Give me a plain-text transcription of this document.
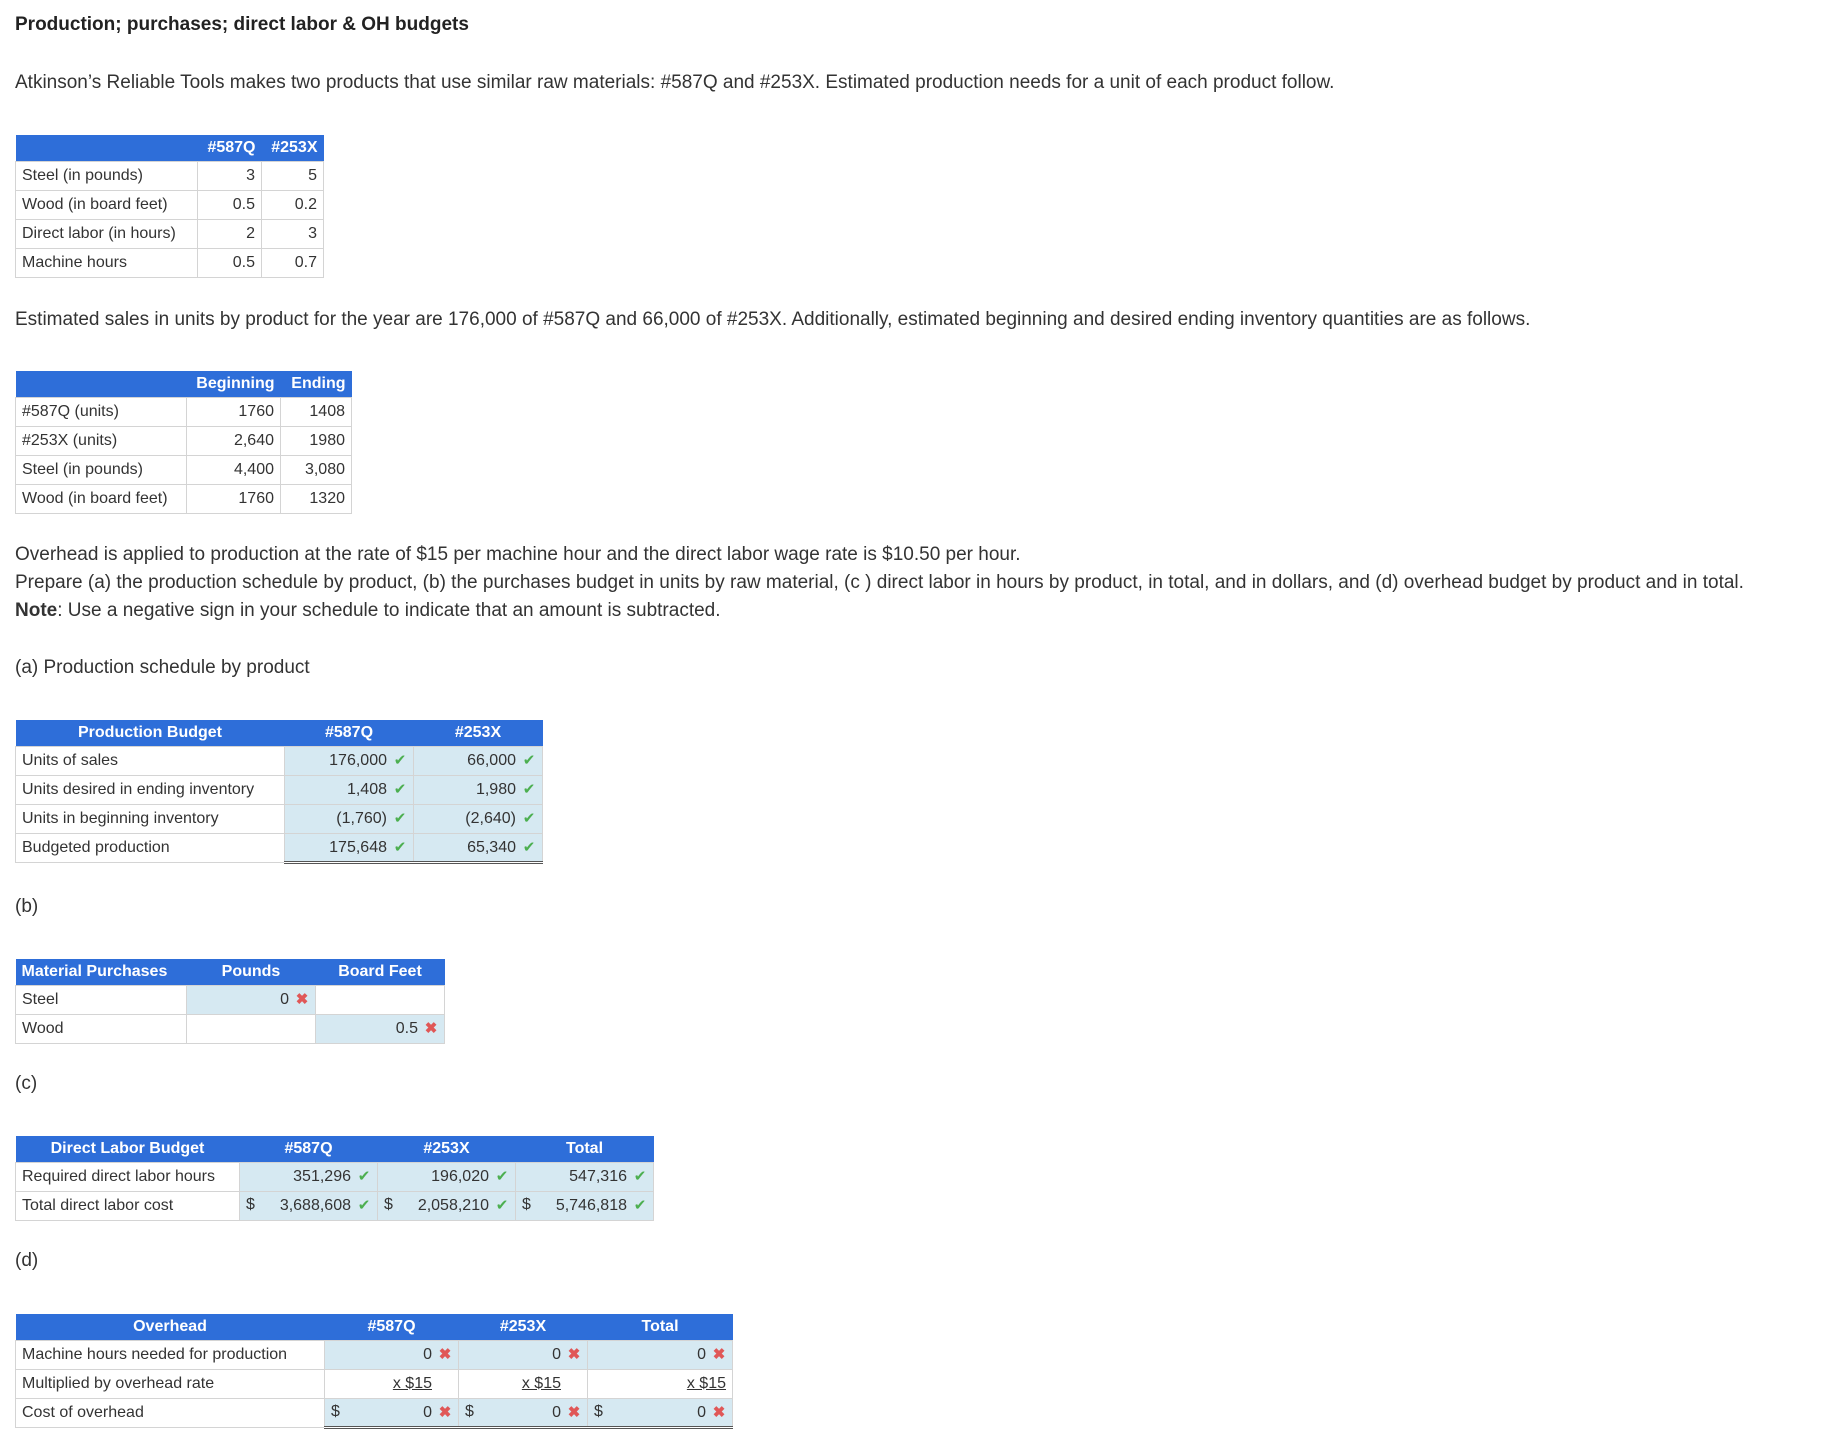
Production; purchases; direct labor & OH budgets
Atkinson’s Reliable Tools makes two products that use similar raw materials: #587Q and #253X. Estimated production needs for a unit of each product follow.
	#587Q	#253X
Steel (in pounds)	3	5
Wood (in board feet)	0.5	0.2
Direct labor (in hours)	2	3
Machine hours	0.5	0.7
Estimated sales in units by product for the year are 176,000 of #587Q and 66,000 of #253X. Additionally, estimated beginning and desired ending inventory quantities are as follows.
	Beginning	Ending
#587Q (units)	1760	1408
#253X (units)	2,640	1980
Steel (in pounds)	4,400	3,080
Wood (in board feet)	1760	1320
Overhead is applied to production at the rate of $15 per machine hour and the direct labor wage rate is $10.50 per hour.
Prepare (a) the production schedule by product, (b) the purchases budget in units by raw material, (c ) direct labor in hours by product, in total, and in dollars, and (d) overhead budget by product and in total.
Note: Use a negative sign in your schedule to indicate that an amount is subtracted.
(a) Production schedule by product
Production Budget	#587Q	#253X
Units of sales	176,000 ✔	66,000 ✔
Units desired in ending inventory	1,408 ✔	1,980 ✔
Units in beginning inventory	(1,760) ✔	(2,640) ✔
Budgeted production	175,648 ✔	65,340 ✔
(b)
Material Purchases	Pounds	Board Feet
Steel	0 ✖	
Wood		0.5 ✖
(c)
Direct Labor Budget	#587Q	#253X	Total
Required direct labor hours	351,296 ✔	196,020 ✔	547,316 ✔
Total direct labor cost	$ 3,688,608 ✔	$ 2,058,210 ✔	$ 5,746,818 ✔
(d)
Overhead	#587Q	#253X	Total
Machine hours needed for production	0 ✖	0 ✖	0 ✖
Multiplied by overhead rate	x $15	x $15	x $15
Cost of overhead	$ 0 ✖	$ 0 ✖	$ 0 ✖
